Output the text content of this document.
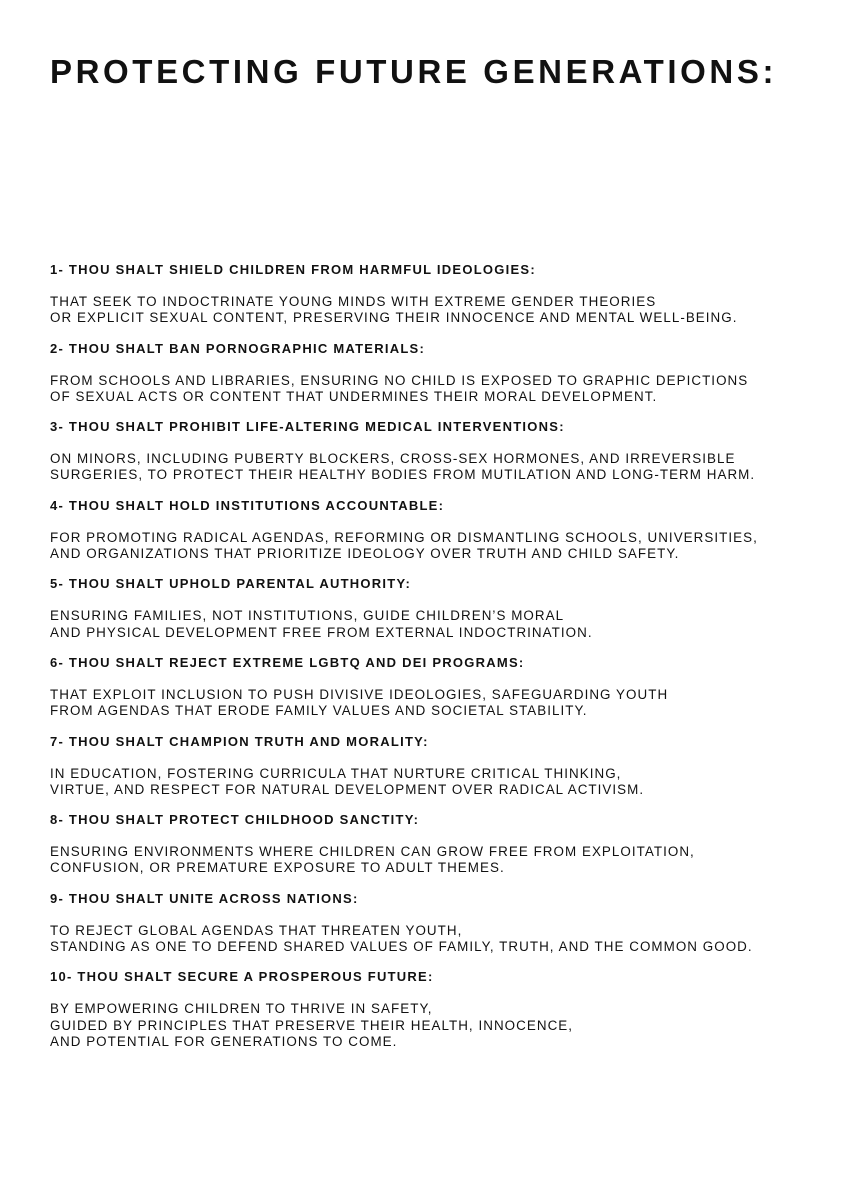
PROTECTING FUTURE GENERATIONS:
1- THOU SHALT SHIELD CHILDREN FROM HARMFUL IDEOLOGIES:

THAT SEEK TO INDOCTRINATE YOUNG MINDS WITH EXTREME GENDER THEORIES
OR EXPLICIT SEXUAL CONTENT, PRESERVING THEIR INNOCENCE AND MENTAL WELL-BEING.

2- THOU SHALT BAN PORNOGRAPHIC MATERIALS:

FROM SCHOOLS AND LIBRARIES, ENSURING NO CHILD IS EXPOSED TO GRAPHIC DEPICTIONS
OF SEXUAL ACTS OR CONTENT THAT UNDERMINES THEIR MORAL DEVELOPMENT.

3- THOU SHALT PROHIBIT LIFE-ALTERING MEDICAL INTERVENTIONS:

ON MINORS, INCLUDING PUBERTY BLOCKERS, CROSS-SEX HORMONES, AND IRREVERSIBLE
SURGERIES, TO PROTECT THEIR HEALTHY BODIES FROM MUTILATION AND LONG-TERM HARM.

4- THOU SHALT HOLD INSTITUTIONS ACCOUNTABLE:

FOR PROMOTING RADICAL AGENDAS, REFORMING OR DISMANTLING SCHOOLS, UNIVERSITIES,
AND ORGANIZATIONS THAT PRIORITIZE IDEOLOGY OVER TRUTH AND CHILD SAFETY.

5- THOU SHALT UPHOLD PARENTAL AUTHORITY:

ENSURING FAMILIES, NOT INSTITUTIONS, GUIDE CHILDREN’S MORAL
AND PHYSICAL DEVELOPMENT FREE FROM EXTERNAL INDOCTRINATION.

6- THOU SHALT REJECT EXTREME LGBTQ AND DEI PROGRAMS:

THAT EXPLOIT INCLUSION TO PUSH DIVISIVE IDEOLOGIES, SAFEGUARDING YOUTH
FROM AGENDAS THAT ERODE FAMILY VALUES AND SOCIETAL STABILITY.

7- THOU SHALT CHAMPION TRUTH AND MORALITY:

IN EDUCATION, FOSTERING CURRICULA THAT NURTURE CRITICAL THINKING,
VIRTUE, AND RESPECT FOR NATURAL DEVELOPMENT OVER RADICAL ACTIVISM.

8- THOU SHALT PROTECT CHILDHOOD SANCTITY:

ENSURING ENVIRONMENTS WHERE CHILDREN CAN GROW FREE FROM EXPLOITATION,
CONFUSION, OR PREMATURE EXPOSURE TO ADULT THEMES.

9- THOU SHALT UNITE ACROSS NATIONS:

TO REJECT GLOBAL AGENDAS THAT THREATEN YOUTH,
STANDING AS ONE TO DEFEND SHARED VALUES OF FAMILY, TRUTH, AND THE COMMON GOOD.

10- THOU SHALT SECURE A PROSPEROUS FUTURE:

BY EMPOWERING CHILDREN TO THRIVE IN SAFETY,
GUIDED BY PRINCIPLES THAT PRESERVE THEIR HEALTH, INNOCENCE,
AND POTENTIAL FOR GENERATIONS TO COME.
